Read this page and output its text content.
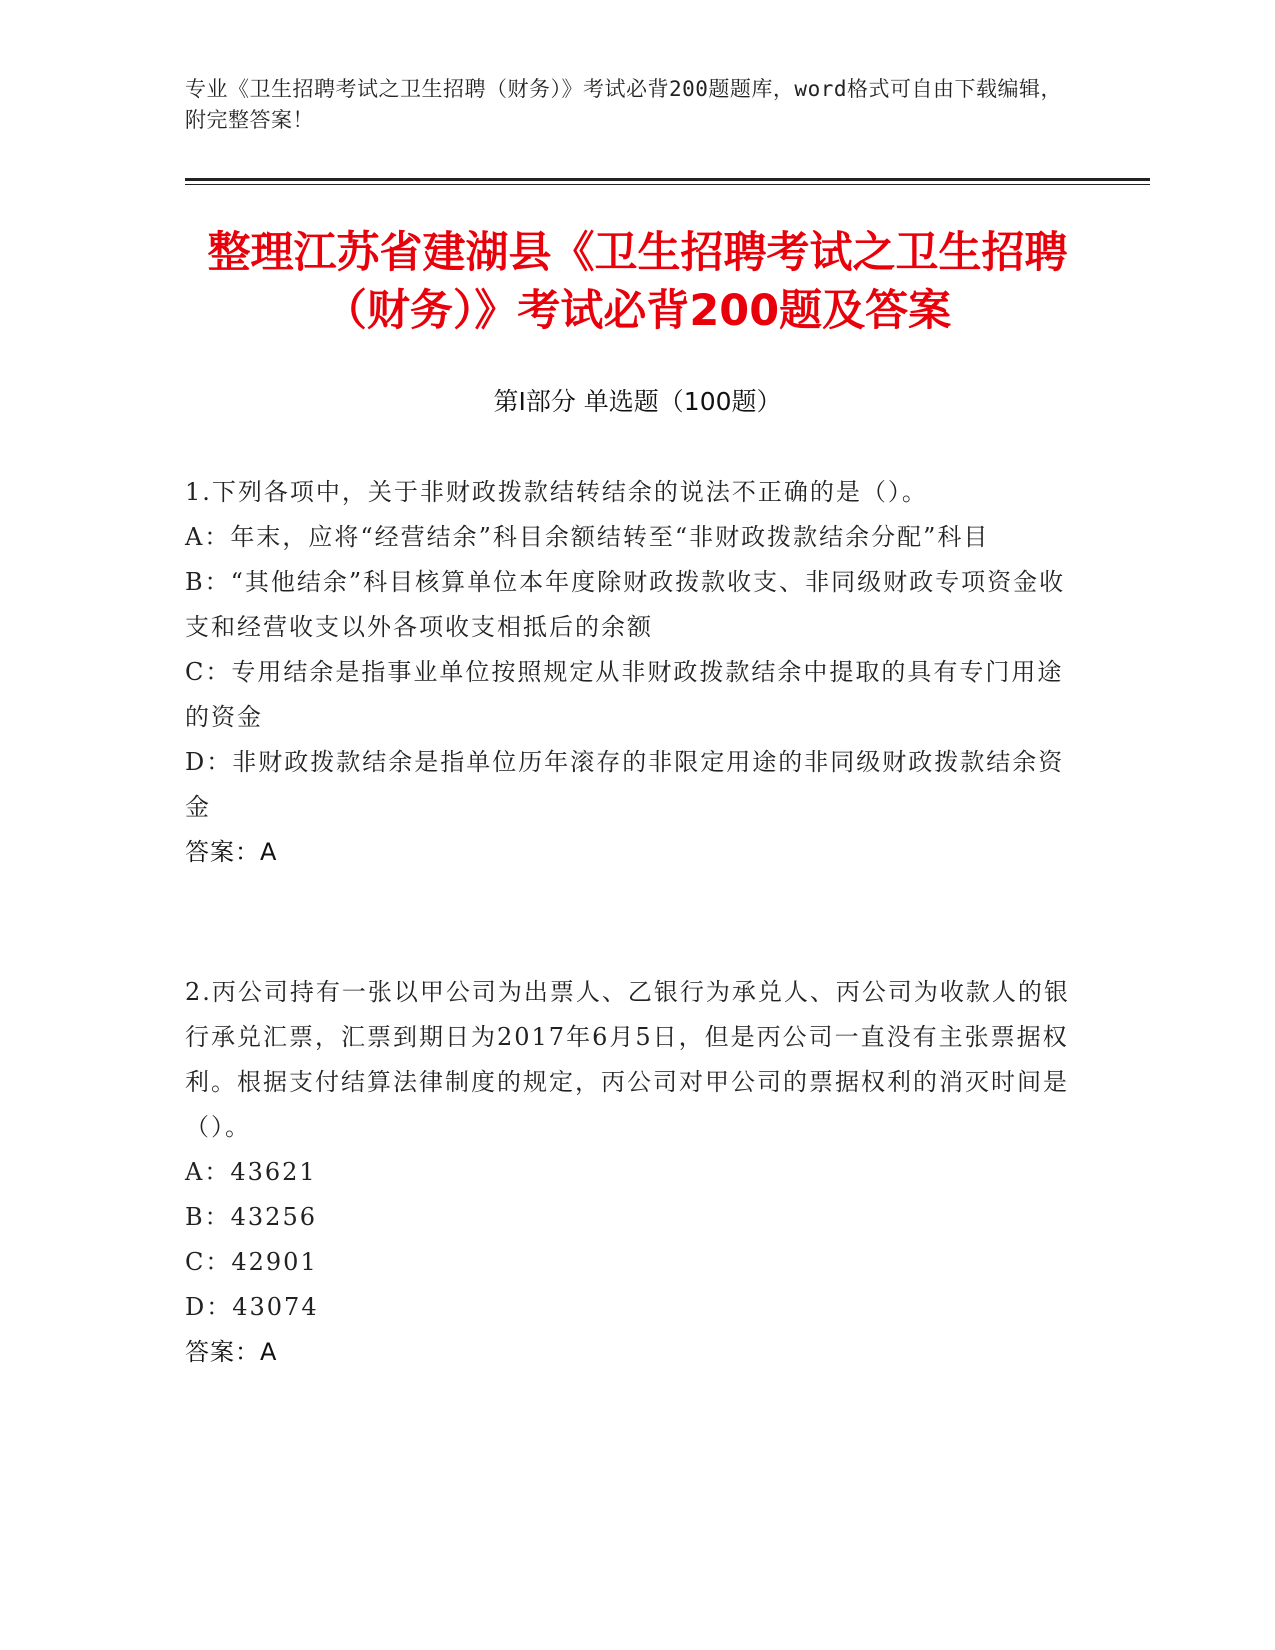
专业《卫生招聘考试之卫生招聘（财务）》考试必背200题题库，word格式可自由下载编辑，附完整答案！
整理江苏省建湖县《卫生招聘考试之卫生招聘（财务）》考试必背200题及答案
第Ⅰ部分 单选题（100题）

1.下列各项中，关于非财政拨款结转结余的说法不正确的是（）。

A：年末，应将“经营结余”科目余额结转至“非财政拨款结余分配”科目

B：“其他结余”科目核算单位本年度除财政拨款收支、非同级财政专项资金收支和经营收支以外各项收支相抵后的余额

C：专用结余是指事业单位按照规定从非财政拨款结余中提取的具有专门用途的资金

D：非财政拨款结余是指单位历年滚存的非限定用途的非同级财政拨款结余资金

答案：A

2.丙公司持有一张以甲公司为出票人、乙银行为承兑人、丙公司为收款人的银行承兑汇票，汇票到期日为2017年6月5日，但是丙公司一直没有主张票据权利。根据支付结算法律制度的规定，丙公司对甲公司的票据权利的消灭时间是（）。

A：43621

B：43256

C：42901

D：43074

答案：A
